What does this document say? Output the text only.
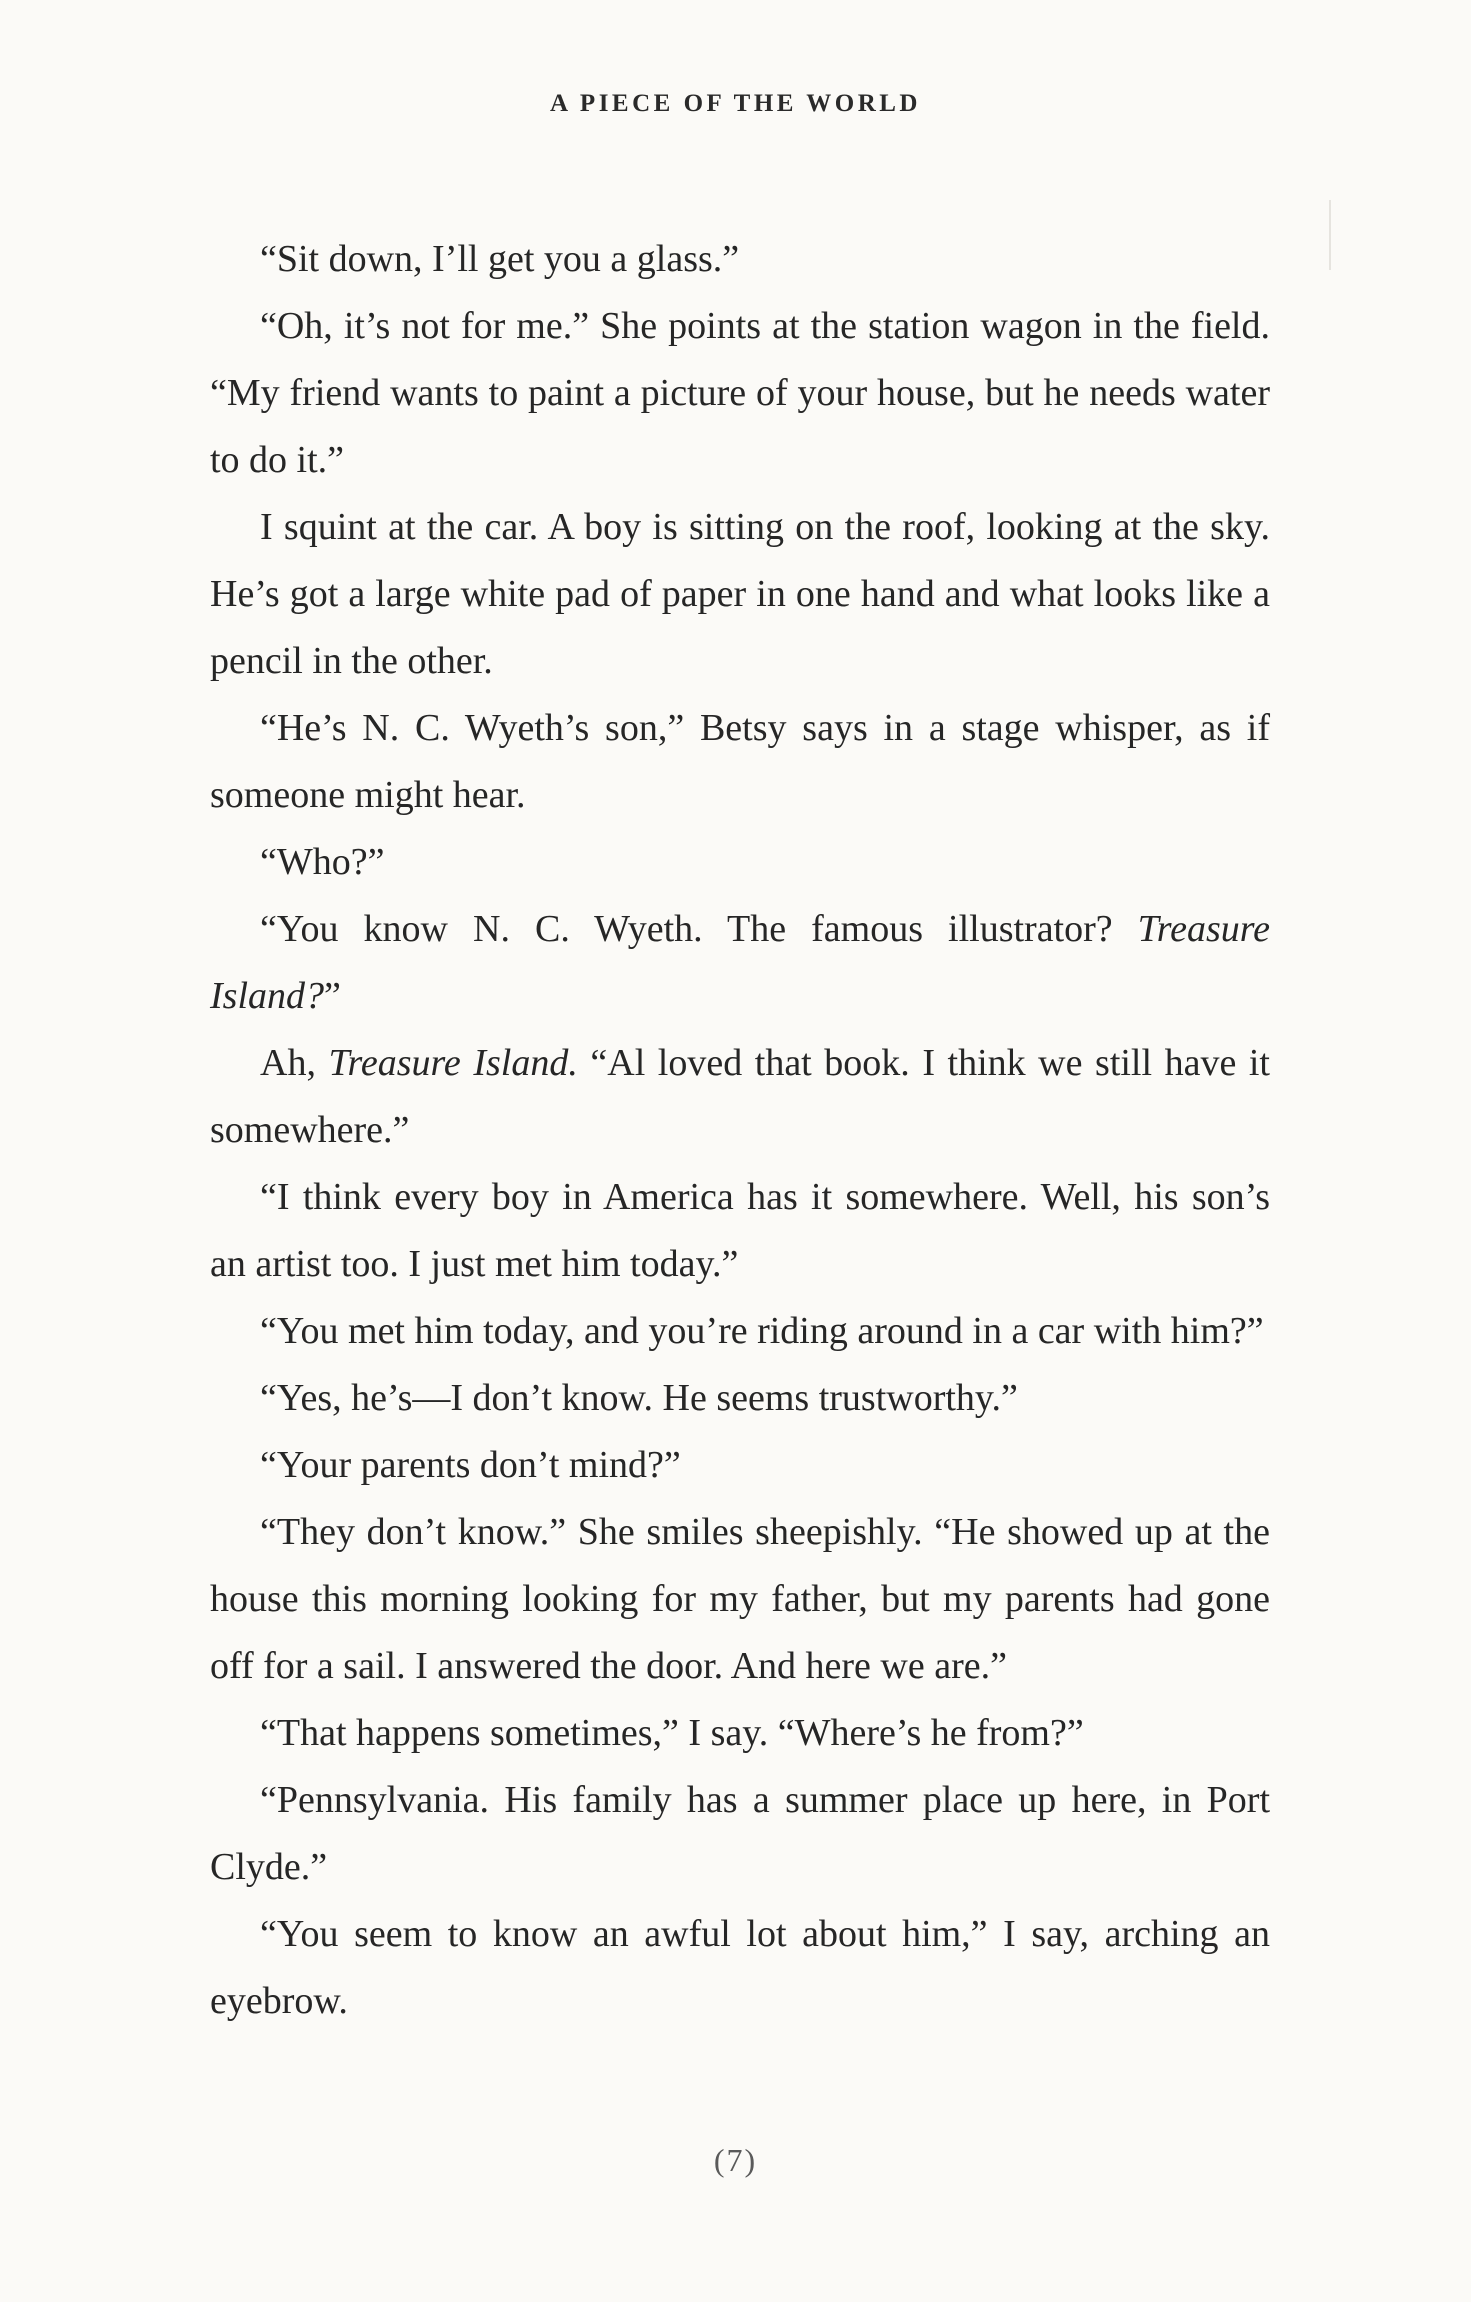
A PIECE OF THE WORLD

“Sit down, I’ll get you a glass.”

“Oh, it’s not for me.” She points at the station wagon in the field. “My friend wants to paint a picture of your house, but he needs water to do it.”

I squint at the car. A boy is sitting on the roof, looking at the sky. He’s got a large white pad of paper in one hand and what looks like a pencil in the other.

“He’s N. C. Wyeth’s son,” Betsy says in a stage whisper, as if someone might hear.

“Who?”

“You know N. C. Wyeth. The famous illustrator? Treasure Island?”

Ah, Treasure Island. “Al loved that book. I think we still have it somewhere.”

“I think every boy in America has it somewhere. Well, his son’s an artist too. I just met him today.”

“You met him today, and you’re riding around in a car with him?”

“Yes, he’s—I don’t know. He seems trustworthy.”

“Your parents don’t mind?”

“They don’t know.” She smiles sheepishly. “He showed up at the house this morning looking for my father, but my parents had gone off for a sail. I answered the door. And here we are.”

“That happens sometimes,” I say. “Where’s he from?”

“Pennsylvania. His family has a summer place up here, in Port Clyde.”

“You seem to know an awful lot about him,” I say, arching an eyebrow.

(7)
